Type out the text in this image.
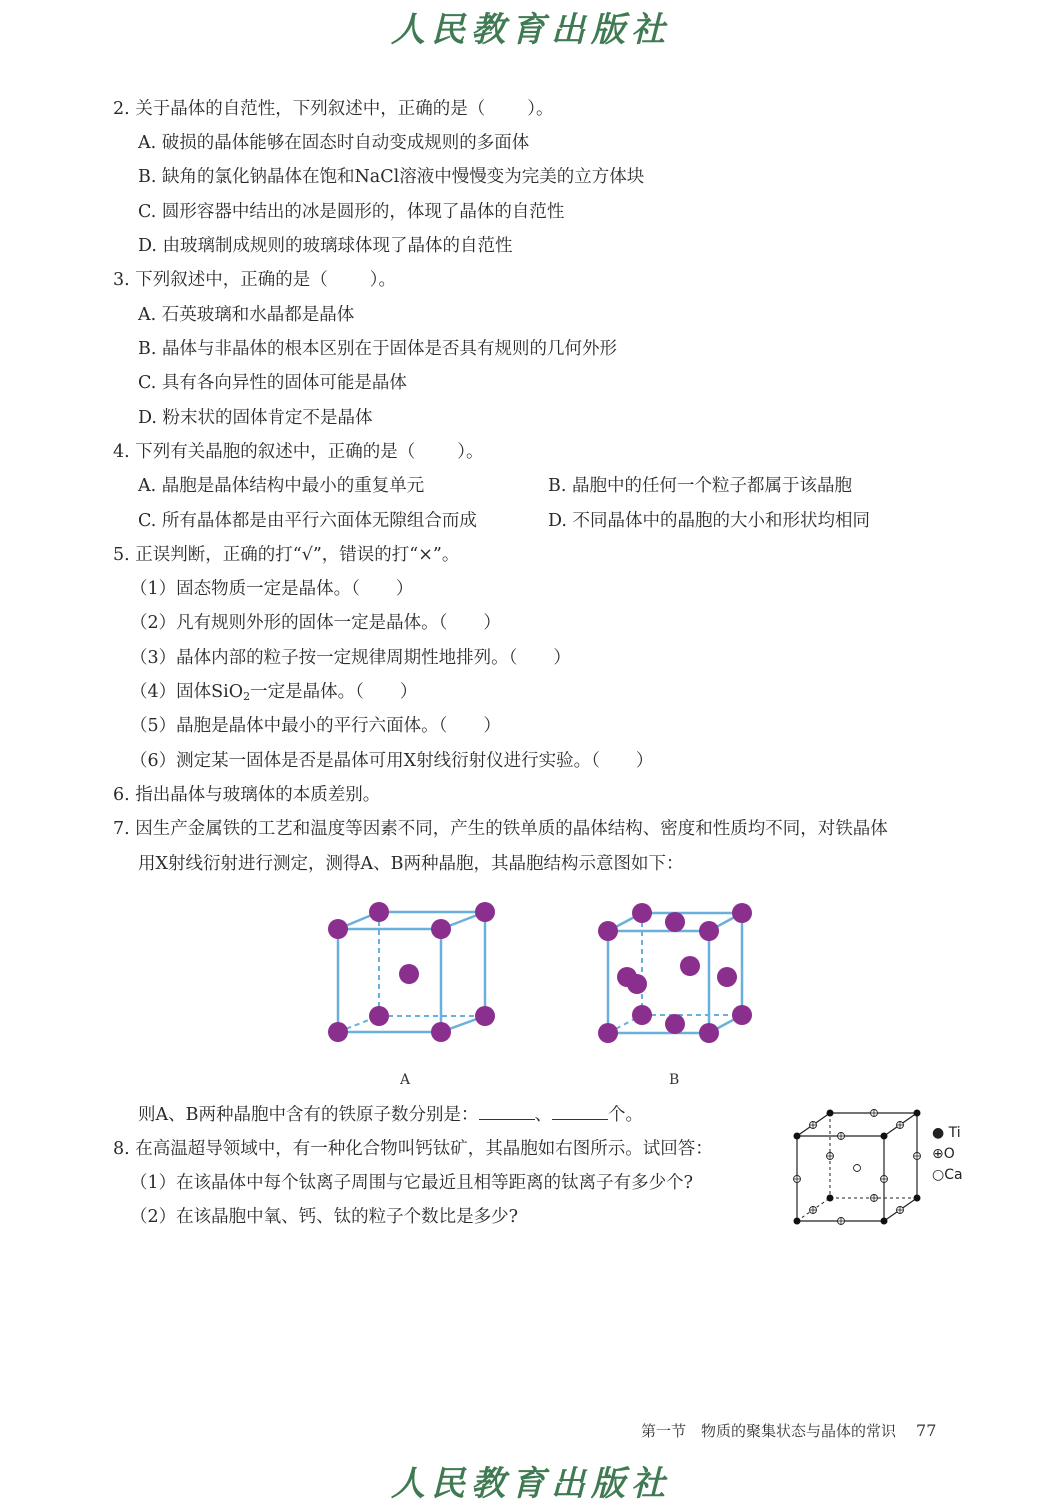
人民教育出版社
2. 关于晶体的自范性，下列叙述中，正确的是（ ）。
A. 破损的晶体能够在固态时自动变成规则的多面体
B. 缺角的氯化钠晶体在饱和NaCl溶液中慢慢变为完美的立方体块
C. 圆形容器中结出的冰是圆形的，体现了晶体的自范性
D. 由玻璃制成规则的玻璃球体现了晶体的自范性
3. 下列叙述中，正确的是（ ）。
A. 石英玻璃和水晶都是晶体
B. 晶体与非晶体的根本区别在于固体是否具有规则的几何外形
C. 具有各向异性的固体可能是晶体
D. 粉末状的固体肯定不是晶体
4. 下列有关晶胞的叙述中，正确的是（ ）。
A. 晶胞是晶体结构中最小的重复单元	B. 晶胞中的任何一个粒子都属于该晶胞
C. 所有晶体都是由平行六面体无隙组合而成	D. 不同晶体中的晶胞的大小和形状均相同
5. 正误判断，正确的打“√”，错误的打“×”。
（1）固态物质一定是晶体。（ ）
（2）凡有规则外形的固体一定是晶体。（ ）
（3）晶体内部的粒子按一定规律周期性地排列。（ ）
（4）固体SiO$_2$一定是晶体。（ ）
（5）晶胞是晶体中最小的平行六面体。（ ）
（6）测定某一固体是否是晶体可用X射线衍射仪进行实验。（ ）
6. 指出晶体与玻璃体的本质差别。
7. 因生产金属铁的工艺和温度等因素不同，产生的铁单质的晶体结构、密度和性质均不同，对铁晶体
用X射线衍射进行测定，测得A、B两种晶胞，其晶胞结构示意图如下：
A	B
则A、B两种晶胞中含有的铁原子数分别是：	、	个。
8. 在高温超导领域中，有一种化合物叫钙钛矿，其晶胞如右图所示。试回答：
（1）在该晶体中每个钛离子周围与它最近且相等距离的钛离子有多少个?
（2）在该晶胞中氧、钙、钛的粒子个数比是多少?
● Ti
⊕O
○Ca
第一节　物质的聚集状态与晶体的常识 77
人民教育出版社
